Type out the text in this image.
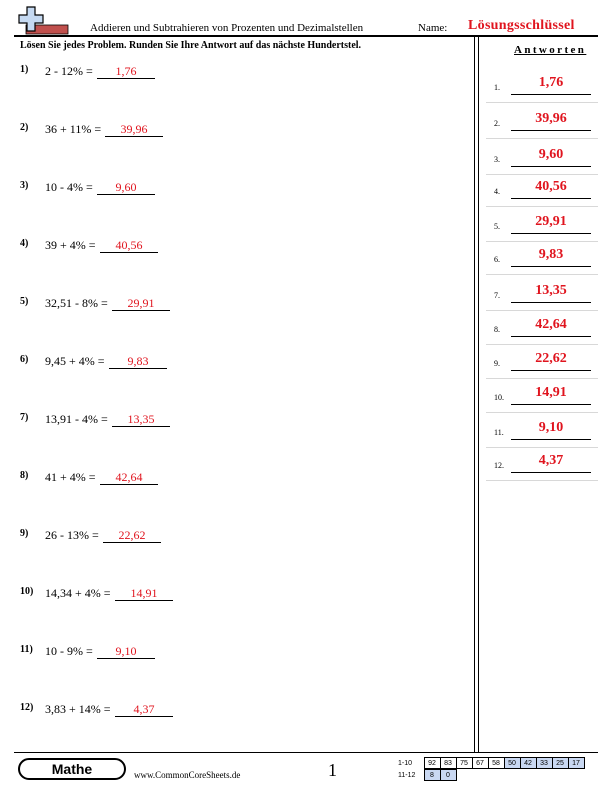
Addieren und Subtrahieren von Prozenten und Dezimalstellen	Name: Lösungsschlüssel
Lösen Sie jedes Problem. Runden Sie Ihre Antwort auf das nächste Hundertstel.
1) 2 - 12% =	1,76
2) 36 + 11% =	39,96
3) 10 - 4% =	9,60
4) 39 + 4% =	40,56
5) 32,51 - 8% =	29,91
6) 9,45 + 4% =	9,83
7) 13,91 - 4% =	13,35
8) 41 + 4% =	42,64
9) 26 - 13% =	22,62
10) 14,34 + 4% =	14,91
11) 10 - 9% =	9,10
12) 3,83 + 14% =	4,37
Antworten
1.	1,76
2.	39,96
3.	9,60
4.	40,56
5.	29,91
6.	9,83
7.	13,35
8.	42,64
9.	22,62
10.	14,91
11.	9,10
12.	4,37
Mathe	www.CommonCoreSheets.de	1	1-10	92	83	75	67	58	50	42	33	25	17
11-12	8	0
